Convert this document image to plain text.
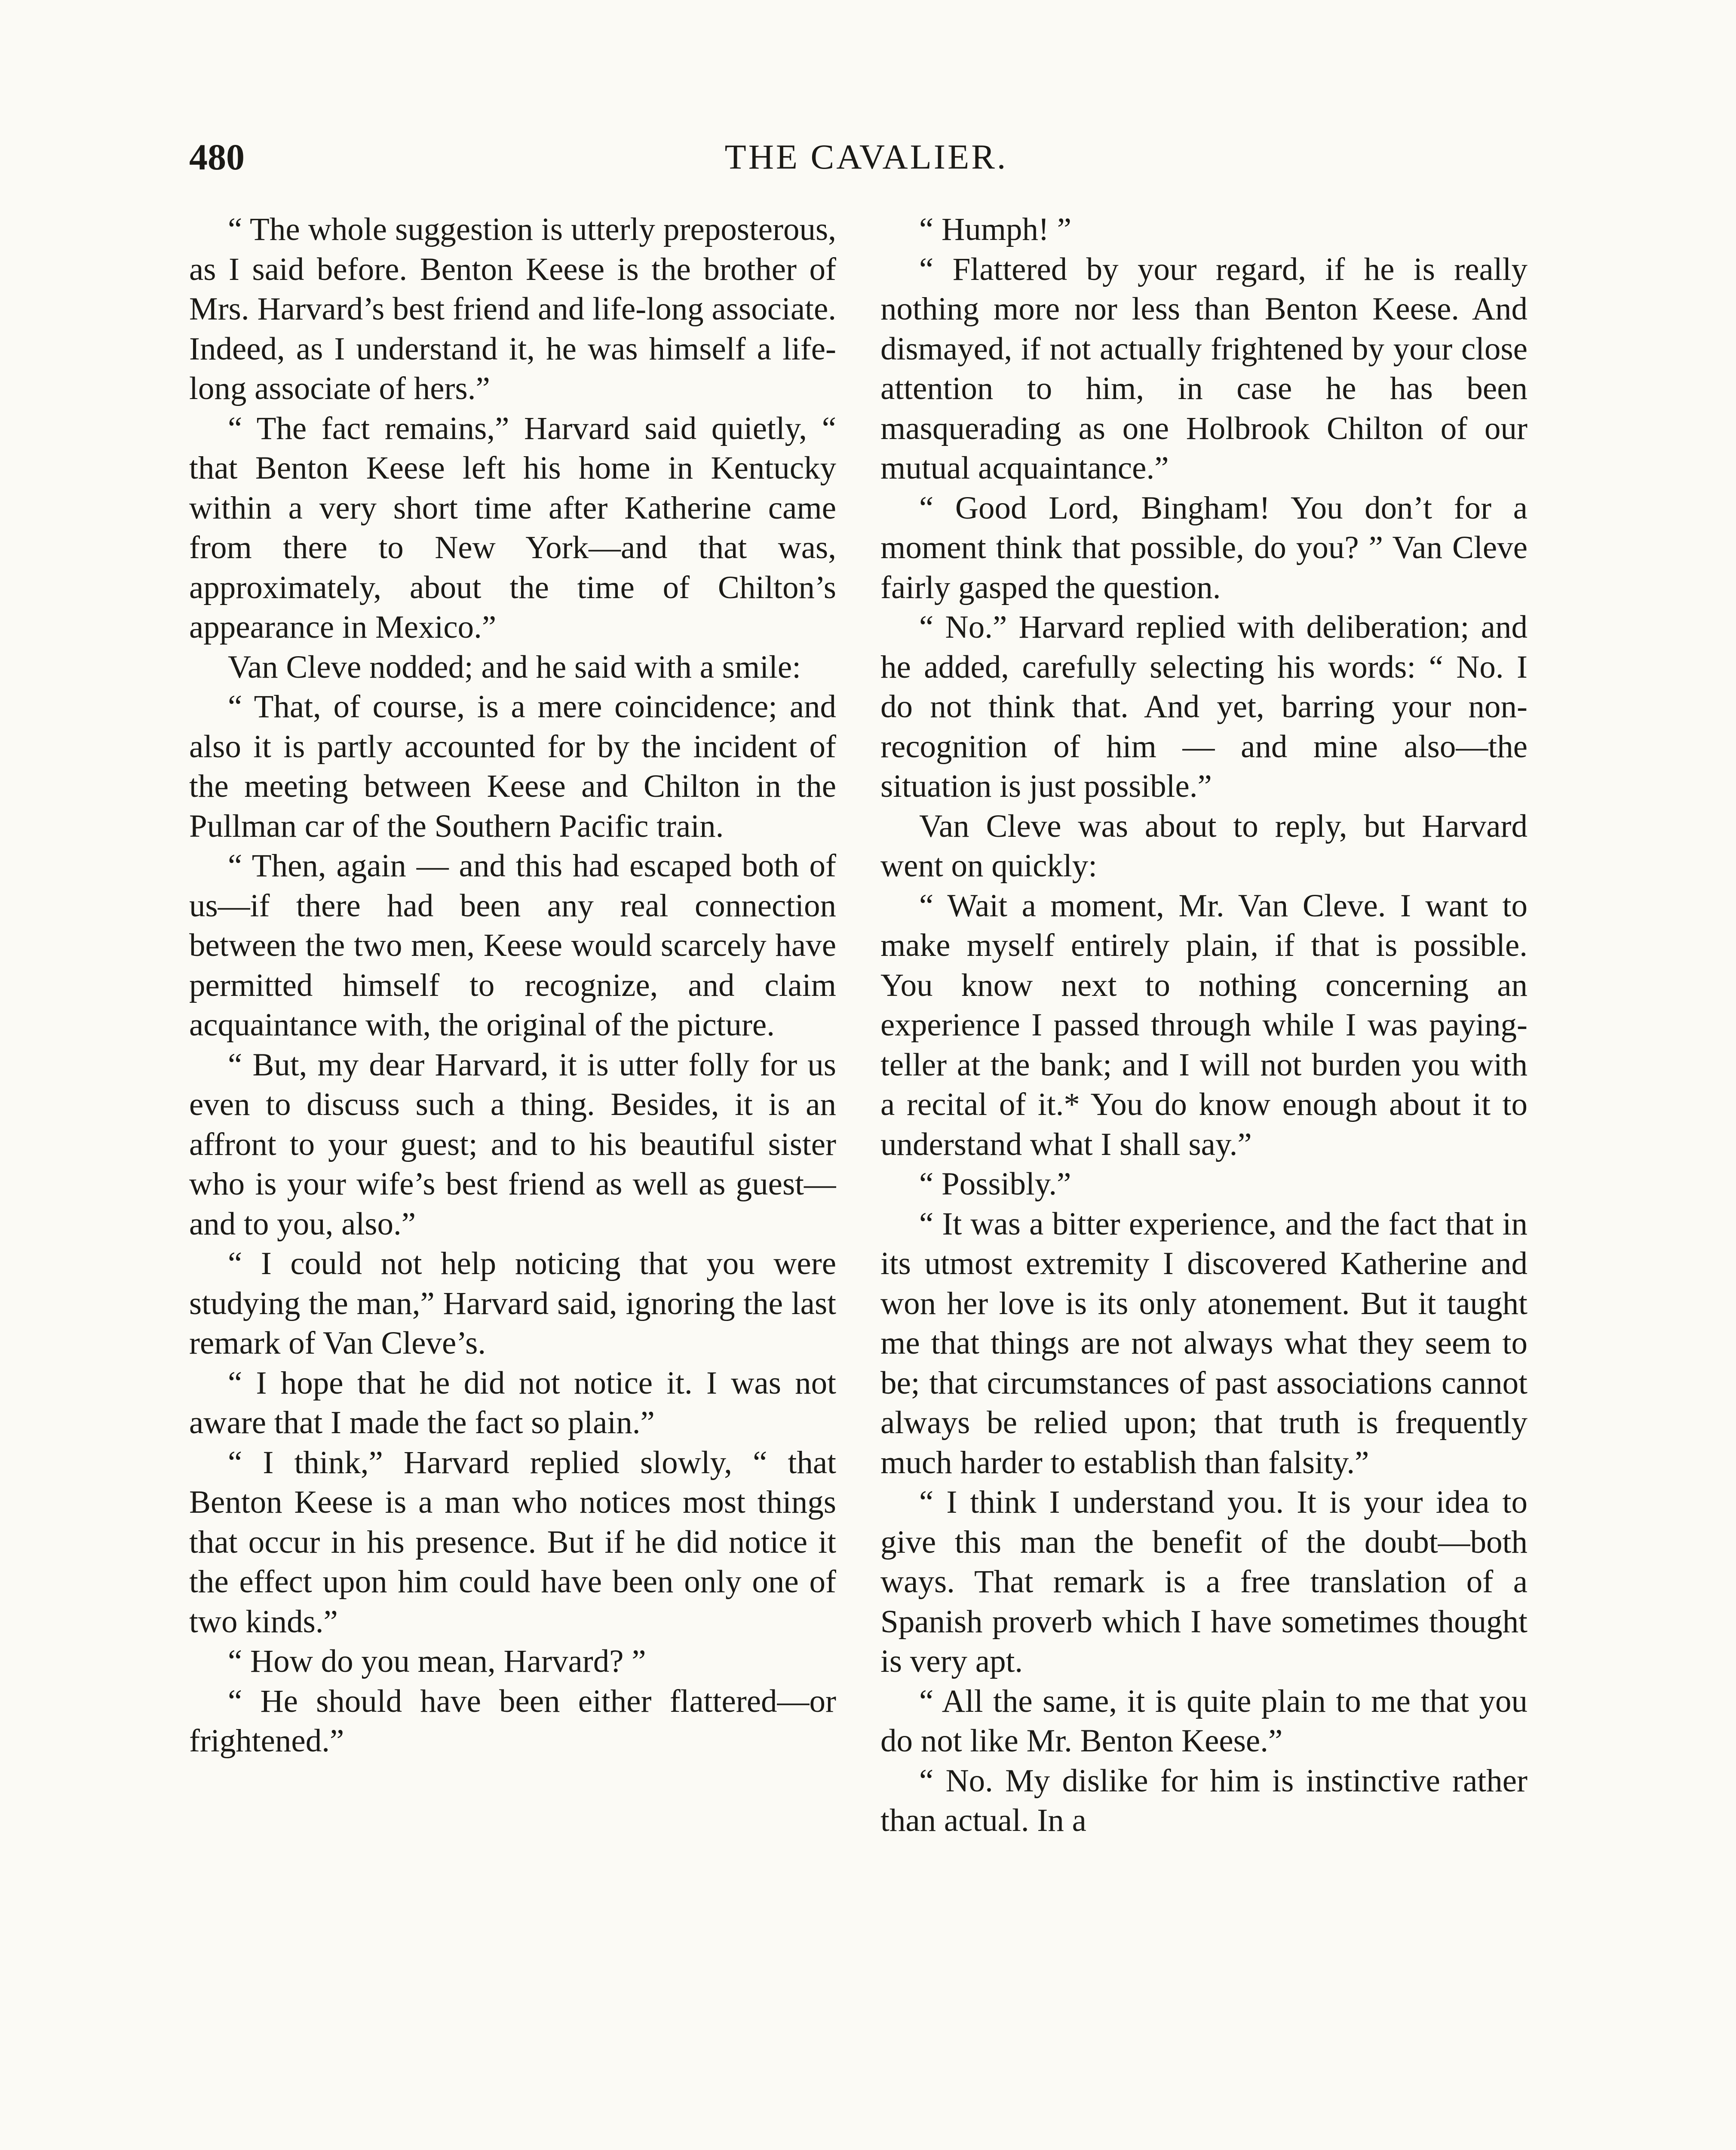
480	THE CAVALIER.

“ The whole suggestion is utterly preposterous, as I said before. Benton Keese is the brother of Mrs. Harvard’s best friend and life-long associate. Indeed, as I understand it, he was himself a life-long associate of hers.”

“ The fact remains,” Harvard said quietly, “ that Benton Keese left his home in Kentucky within a very short time after Katherine came from there to New York—and that was, approximately, about the time of Chilton’s appearance in Mexico.”

Van Cleve nodded; and he said with a smile:

“ That, of course, is a mere coincidence; and also it is partly accounted for by the incident of the meeting between Keese and Chilton in the Pullman car of the Southern Pacific train.

“ Then, again — and this had escaped both of us—if there had been any real connection between the two men, Keese would scarcely have permitted himself to recognize, and claim acquaintance with, the original of the picture.

“ But, my dear Harvard, it is utter folly for us even to discuss such a thing. Besides, it is an affront to your guest; and to his beautiful sister who is your wife’s best friend as well as guest—and to you, also.”

“ I could not help noticing that you were studying the man,” Harvard said, ignoring the last remark of Van Cleve’s.

“ I hope that he did not notice it. I was not aware that I made the fact so plain.”

“ I think,” Harvard replied slowly, “ that Benton Keese is a man who notices most things that occur in his presence. But if he did notice it the effect upon him could have been only one of two kinds.”

“ How do you mean, Harvard? ”

“ He should have been either flattered—or frightened.”

“ Humph! ”

“ Flattered by your regard, if he is really nothing more nor less than Benton Keese. And dismayed, if not actually frightened by your close attention to him, in case he has been masquerading as one Holbrook Chilton of our mutual acquaintance.”

“ Good Lord, Bingham! You don’t for a moment think that possible, do you? ” Van Cleve fairly gasped the question.

“ No.” Harvard replied with deliberation; and he added, carefully selecting his words: “ No. I do not think that. And yet, barring your non-recognition of him — and mine also—the situation is just possible.”

Van Cleve was about to reply, but Harvard went on quickly:

“ Wait a moment, Mr. Van Cleve. I want to make myself entirely plain, if that is possible. You know next to nothing concerning an experience I passed through while I was paying-teller at the bank; and I will not burden you with a recital of it.* You do know enough about it to understand what I shall say.”

“ Possibly.”

“ It was a bitter experience, and the fact that in its utmost extremity I discovered Katherine and won her love is its only atonement. But it taught me that things are not always what they seem to be; that circumstances of past associations cannot always be relied upon; that truth is frequently much harder to establish than falsity.”

“ I think I understand you. It is your idea to give this man the benefit of the doubt—both ways. That remark is a free translation of a Spanish proverb which I have sometimes thought is very apt.

“ All the same, it is quite plain to me that you do not like Mr. Benton Keese.”

“ No. My dislike for him is instinctive rather than actual. In a
